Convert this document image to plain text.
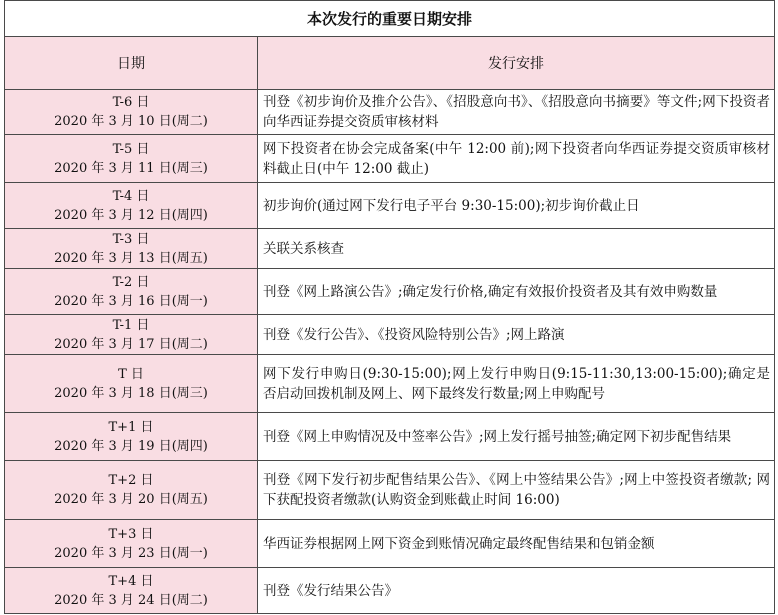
本次发行的重要日期安排	
日期	发行安排

T-6 日
2020 年 3 月 10 日(周二)	刊登《初步询价及推介公告》、《招股意向书》、《招股意向书摘要》等文件;网下投资者向华西证券提交资质审核材料

T-5 日
2020 年 3 月 11 日(周三)	网下投资者在协会完成备案(中午 12:00 前);网下投资者向华西证券提交资质审核材料截止日(中午 12:00 截止)

T-4 日
2020 年 3 月 12 日(周四)	初步询价(通过网下发行电子平台 9:30-15:00);初步询价截止日

T-3 日
2020 年 3 月 13 日(周五)	关联关系核查

T-2 日
2020 年 3 月 16 日(周一)	刊登《网上路演公告》;确定发行价格,确定有效报价投资者及其有效申购数量

T-1 日
2020 年 3 月 17 日(周二)	刊登《发行公告》、《投资风险特别公告》;网上路演

T 日
2020 年 3 月 18 日(周三)	网下发行申购日(9:30-15:00);网上发行申购日(9:15-11:30,13:00-15:00);确定是否启动回拨机制及网上、网下最终发行数量;网上申购配号

T+1 日
2020 年 3 月 19 日(周四)	刊登《网上申购情况及中签率公告》;网上发行摇号抽签;确定网下初步配售结果

T+2 日
2020 年 3 月 20 日(周五)	刊登《网下发行初步配售结果公告》、《网上中签结果公告》;网上中签投资者缴款; 网下获配投资者缴款(认购资金到账截止时间 16:00)

T+3 日
2020 年 3 月 23 日(周一)	华西证券根据网上网下资金到账情况确定最终配售结果和包销金额

T+4 日
2020 年 3 月 24 日(周二)	刊登《发行结果公告》
